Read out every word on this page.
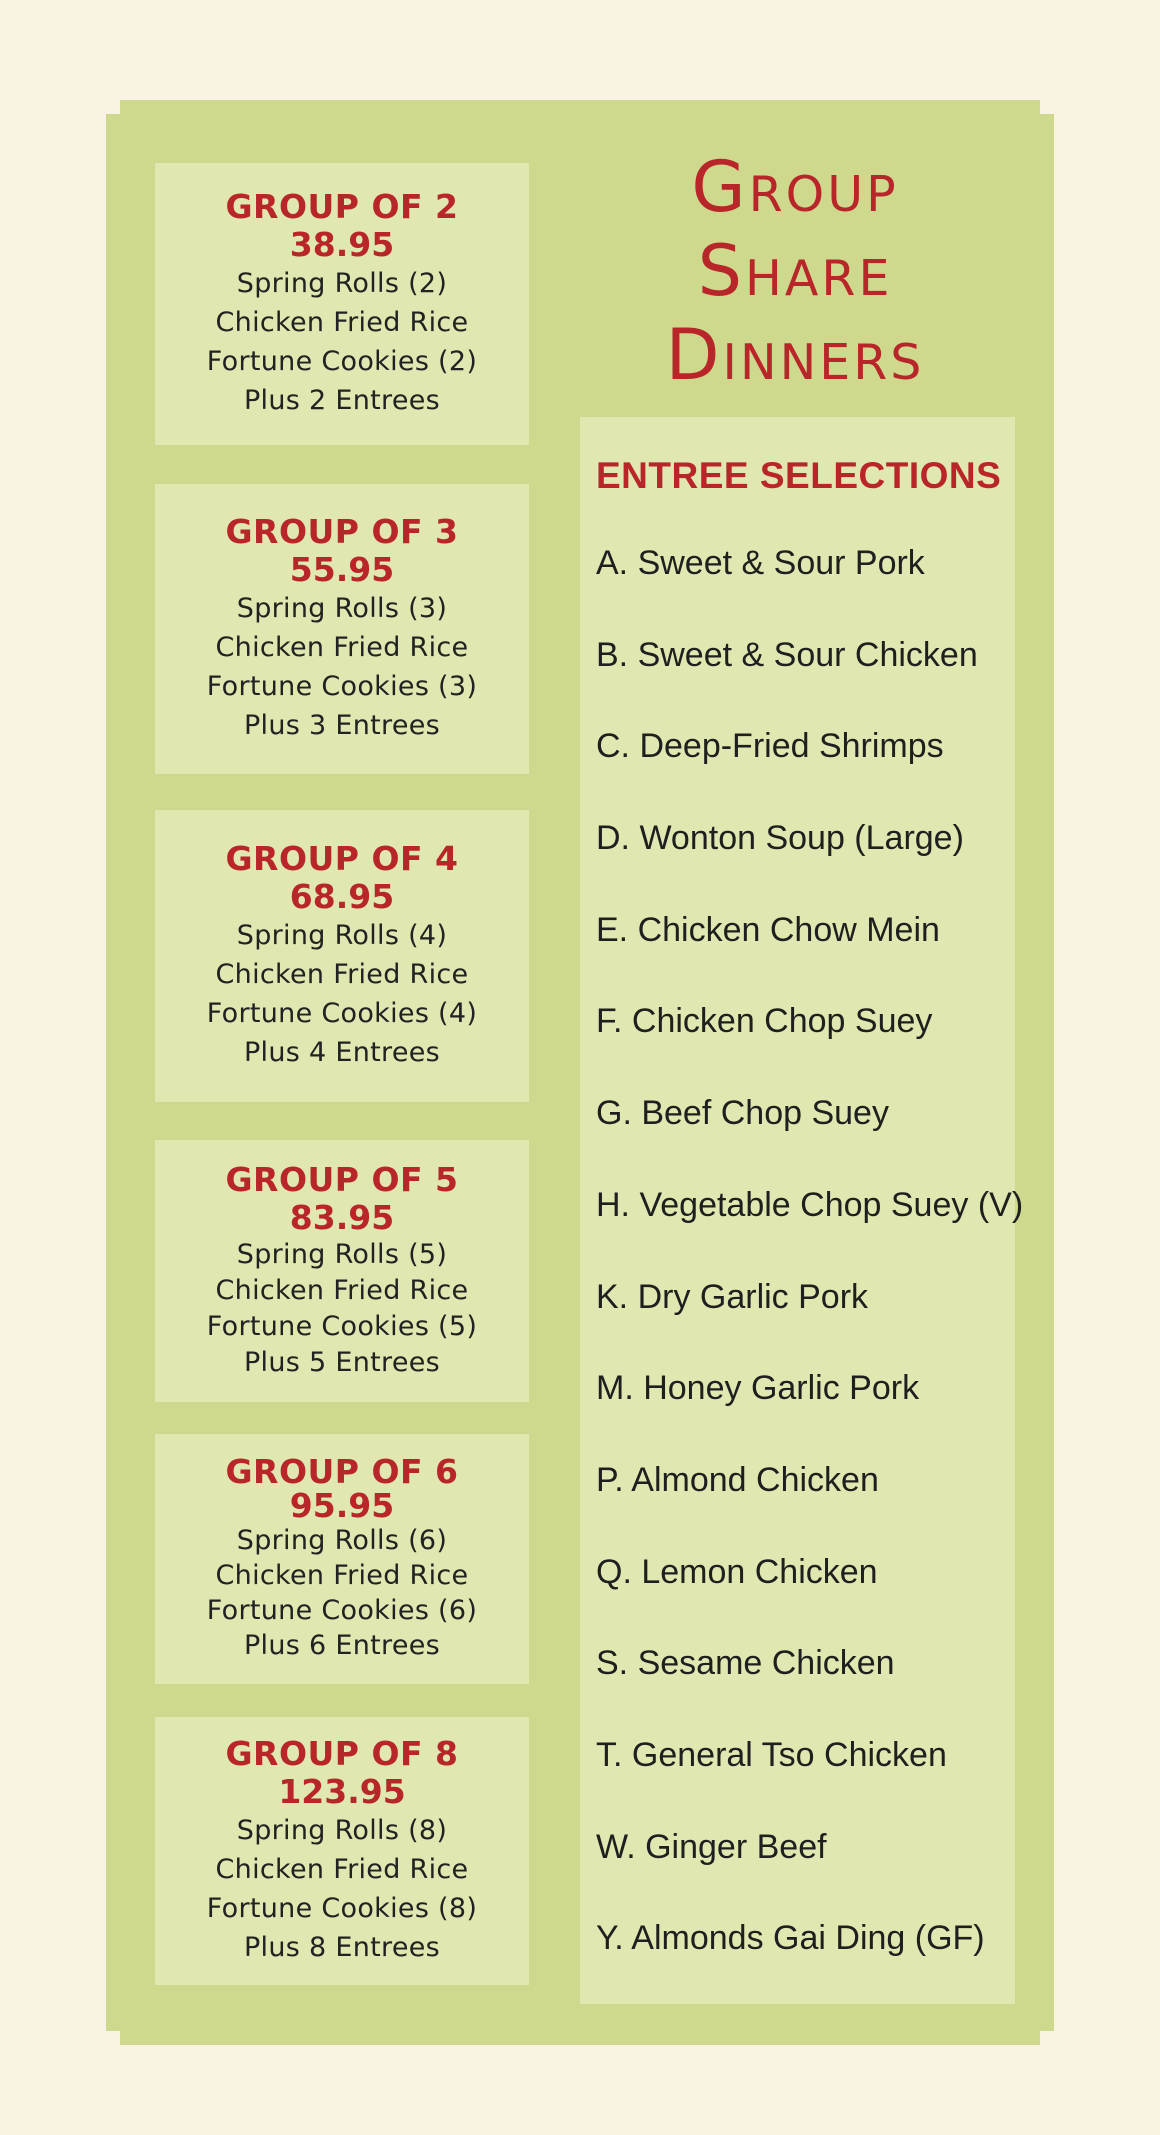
GROUP OF 2
38.95
Spring Rolls (2)
Chicken Fried Rice
Fortune Cookies (2)
Plus 2 Entrees
GROUP OF 3
55.95
Spring Rolls (3)
Chicken Fried Rice
Fortune Cookies (3)
Plus 3 Entrees
GROUP OF 4
68.95
Spring Rolls (4)
Chicken Fried Rice
Fortune Cookies (4)
Plus 4 Entrees
GROUP OF 5
83.95
Spring Rolls (5)
Chicken Fried Rice
Fortune Cookies (5)
Plus 5 Entrees
GROUP OF 6
95.95
Spring Rolls (6)
Chicken Fried Rice
Fortune Cookies (6)
Plus 6 Entrees
GROUP OF 8
123.95
Spring Rolls (8)
Chicken Fried Rice
Fortune Cookies (8)
Plus 8 Entrees
Group
Share
Dinners
ENTREE SELECTIONS
A. Sweet & Sour Pork
B. Sweet & Sour Chicken
C. Deep-Fried Shrimps
D. Wonton Soup (Large)
E. Chicken Chow Mein
F. Chicken Chop Suey
G. Beef Chop Suey
H. Vegetable Chop Suey (V)
K. Dry Garlic Pork
M. Honey Garlic Pork
P. Almond Chicken
Q. Lemon Chicken
S. Sesame Chicken
T. General Tso Chicken
W. Ginger Beef
Y. Almonds Gai Ding (GF)
